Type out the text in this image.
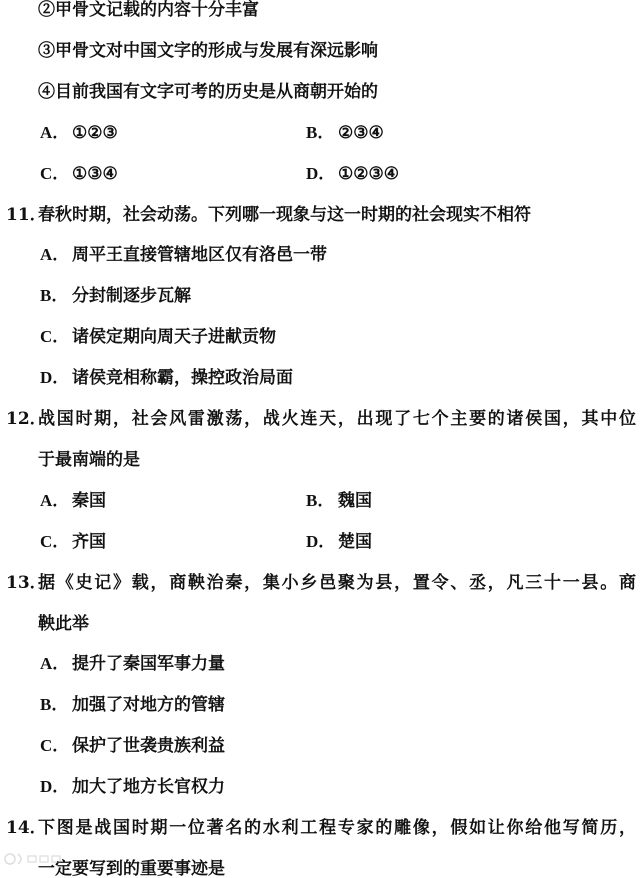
②甲骨文记载的内容十分丰富
③甲骨文对中国文字的形成与发展有深远影响
④目前我国有文字可考的历史是从商朝开始的
A． ①②③	B． ②③④
C． ①③④	D． ①②③④
11．
春秋时期，社会动荡。下列哪一现象与这一时期的社会现实不相符
A． 周平王直接管辖地区仅有洛邑一带
B． 分封制逐步瓦解
C． 诸侯定期向周天子进献贡物
D． 诸侯竞相称霸，操控政治局面
12．
战国时期，社会风雷激荡，战火连天，出现了七个主要的诸侯国，其中位
于最南端的是
A． 秦国	B． 魏国
C． 齐国	D． 楚国
13．
据《史记》载，商鞅治秦，集小乡邑聚为县，置令、丞，凡三十一县。商
鞅此举
A． 提升了秦国军事力量
B． 加强了对地方的管辖
C． 保护了世袭贵族利益
D． 加大了地方长官权力
14．
下图是战国时期一位著名的水利工程专家的雕像，假如让你给他写简历，
一定要写到的重要事迹是
